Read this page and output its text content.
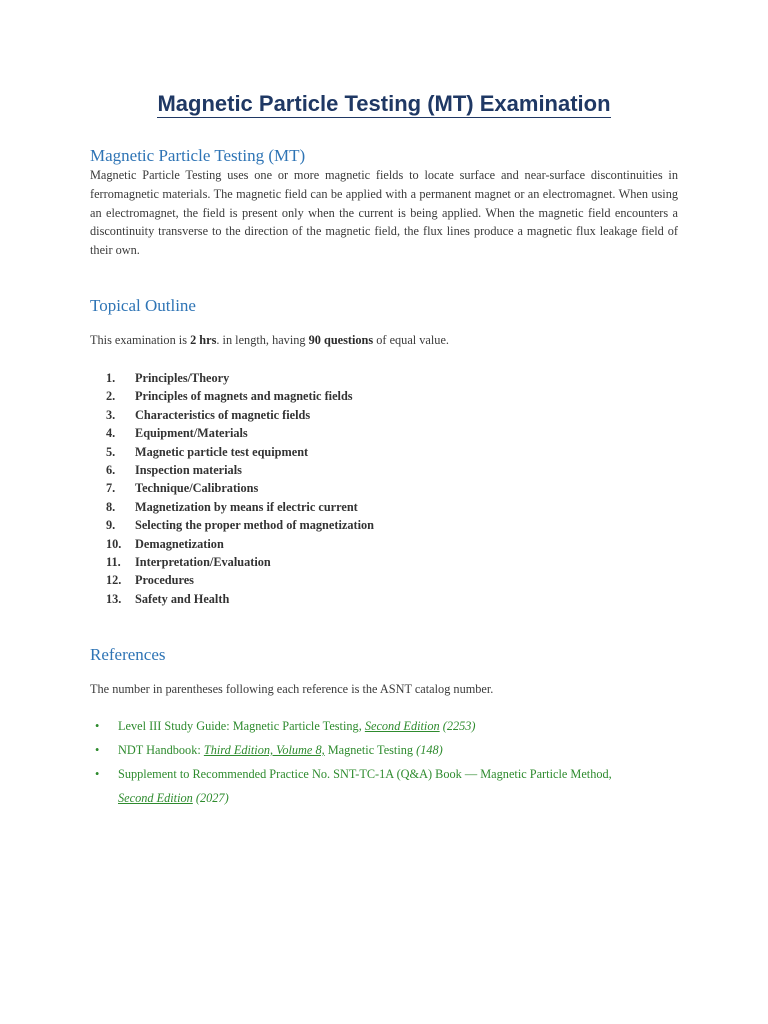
Magnetic Particle Testing (MT) Examination
Magnetic Particle Testing (MT)

Magnetic Particle Testing uses one or more magnetic fields to locate surface and near-surface discontinuities in ferromagnetic materials. The magnetic field can be applied with a permanent magnet or an electromagnet. When using an electromagnet, the field is present only when the current is being applied. When the magnetic field encounters a discontinuity transverse to the direction of the magnetic field, the flux lines produce a magnetic flux leakage field of their own.

Topical Outline

This examination is 2 hrs. in length, having 90 questions of equal value.

1. Principles/Theory
2. Principles of magnets and magnetic fields
3. Characteristics of magnetic fields
4. Equipment/Materials
5. Magnetic particle test equipment
6. Inspection materials
7. Technique/Calibrations
8. Magnetization by means if electric current
9. Selecting the proper method of magnetization
10. Demagnetization
11. Interpretation/Evaluation
12. Procedures
13. Safety and Health
References

The number in parentheses following each reference is the ASNT catalog number.

• Level III Study Guide: Magnetic Particle Testing, Second Edition (2253)
• NDT Handbook: Third Edition, Volume 8, Magnetic Testing (148)
• Supplement to Recommended Practice No. SNT-TC-1A (Q&A) Book — Magnetic Particle Method, Second Edition (2027)
